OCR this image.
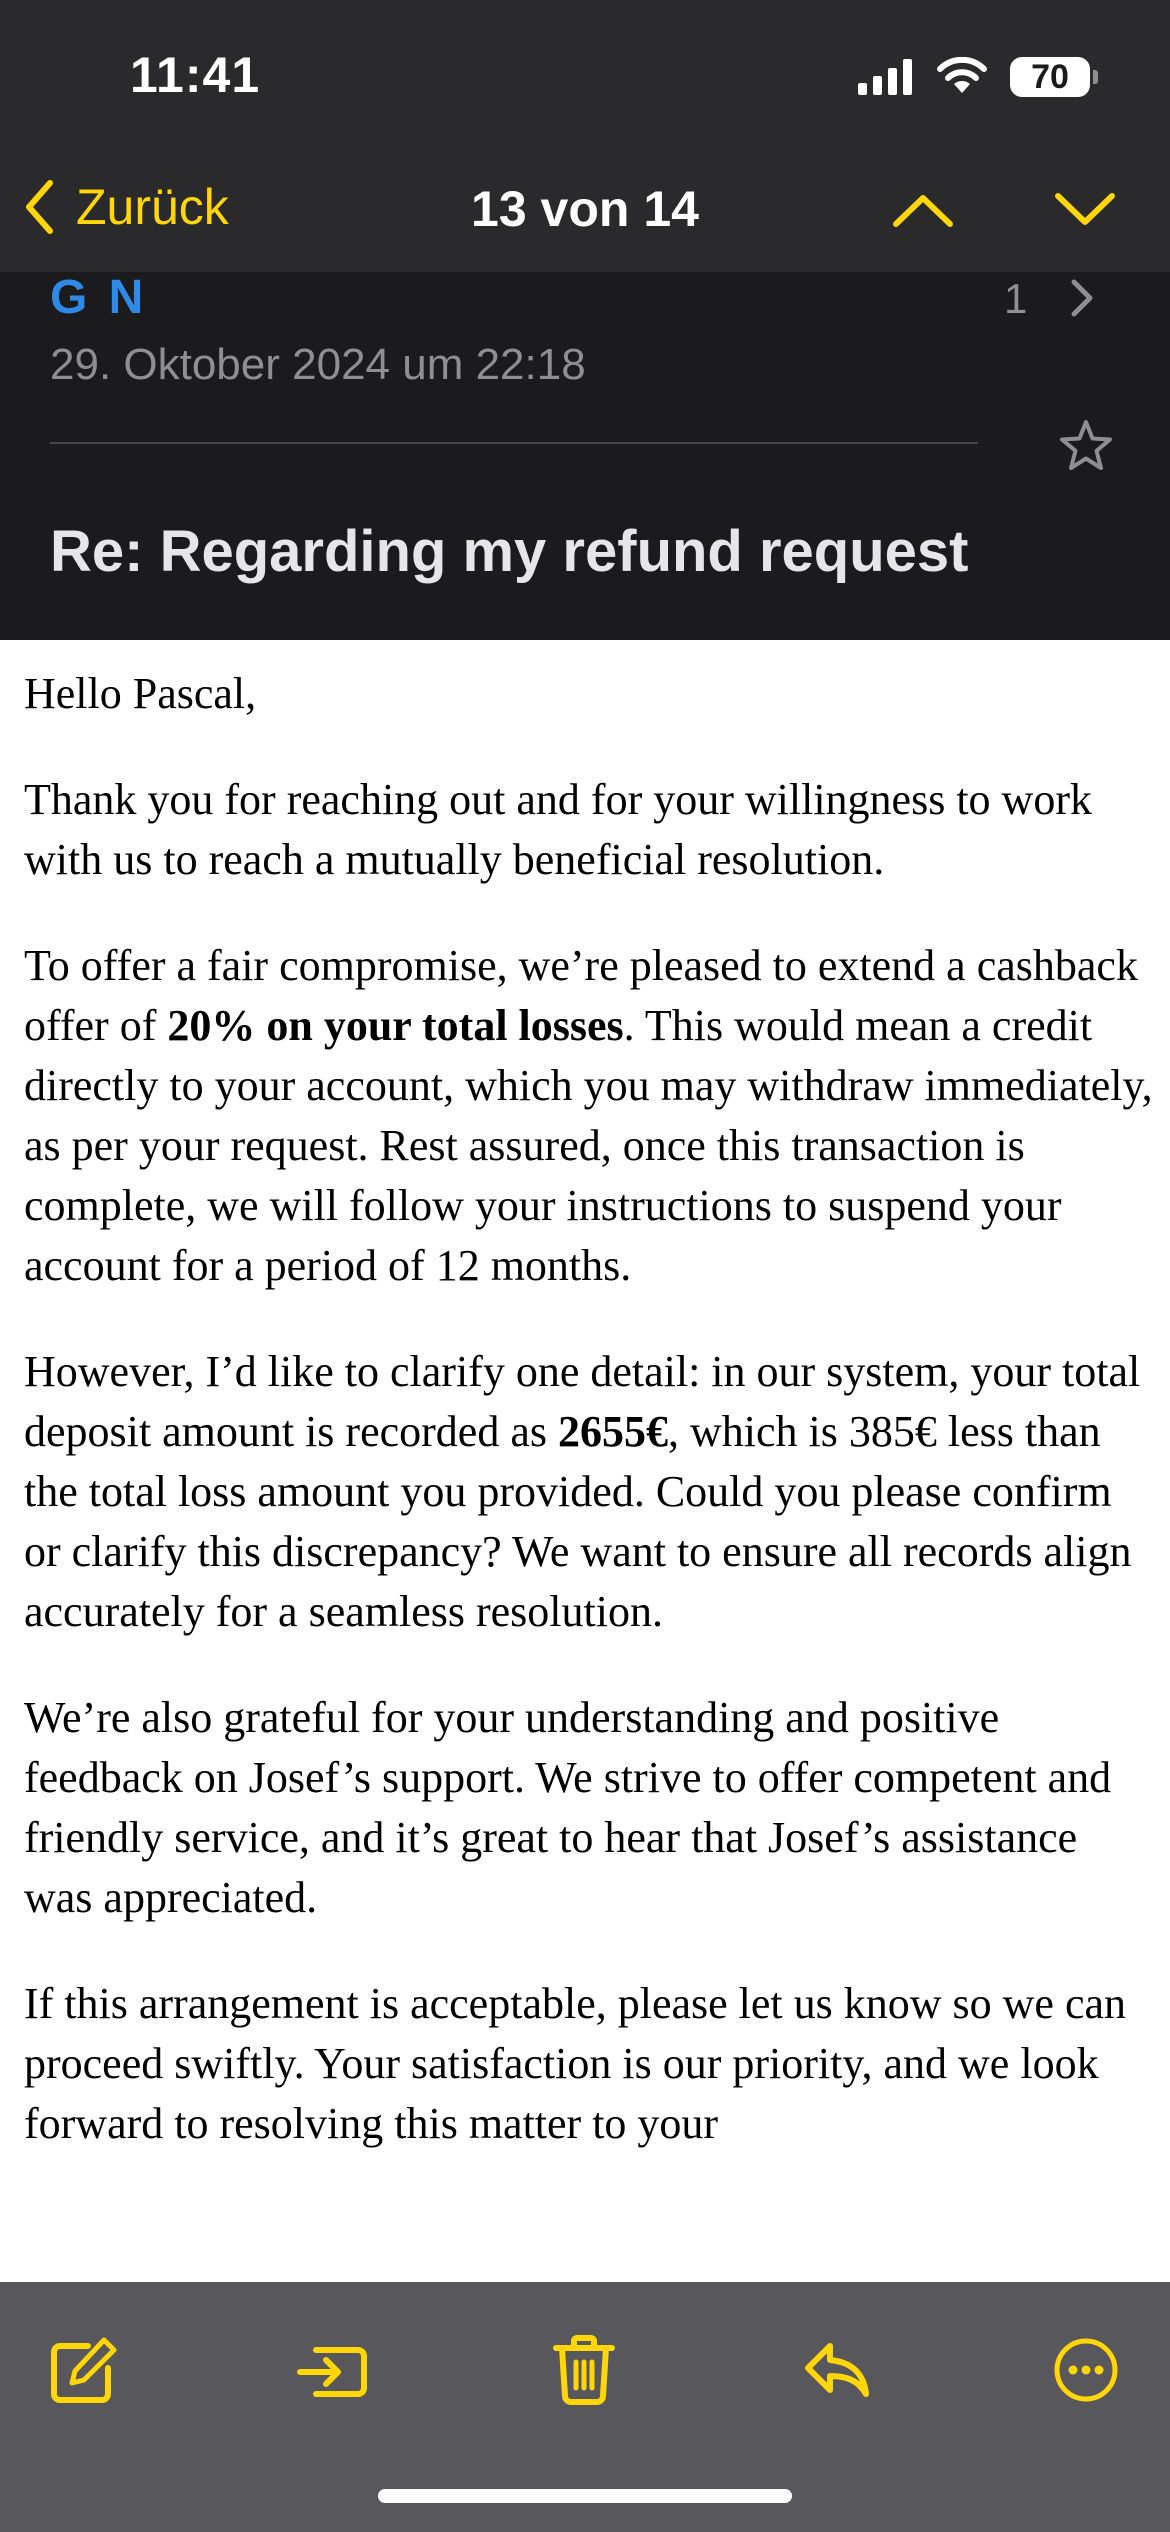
11:41	70
Zurück	13 von 14
G N
29. Oktober 2024 um 22:18
1
Re: Regarding my refund request

Hello Pascal,

Thank you for reaching out and for your willingness to work with us to reach a mutually beneficial resolution.

To offer a fair compromise, we’re pleased to extend a cashback offer of 20% on your total losses. This would mean a credit directly to your account, which you may withdraw immediately, as per your request. Rest assured, once this transaction is complete, we will follow your instructions to suspend your account for a period of 12 months.

However, I’d like to clarify one detail: in our system, your total deposit amount is recorded as 2655€, which is 385€ less than the total loss amount you provided. Could you please confirm or clarify this discrepancy? We want to ensure all records align accurately for a seamless resolution.

We’re also grateful for your understanding and positive feedback on Josef’s support. We strive to offer competent and friendly service, and it’s great to hear that Josef’s assistance was appreciated.

If this arrangement is acceptable, please let us know so we can proceed swiftly. Your satisfaction is our priority, and we look forward to resolving this matter to your
